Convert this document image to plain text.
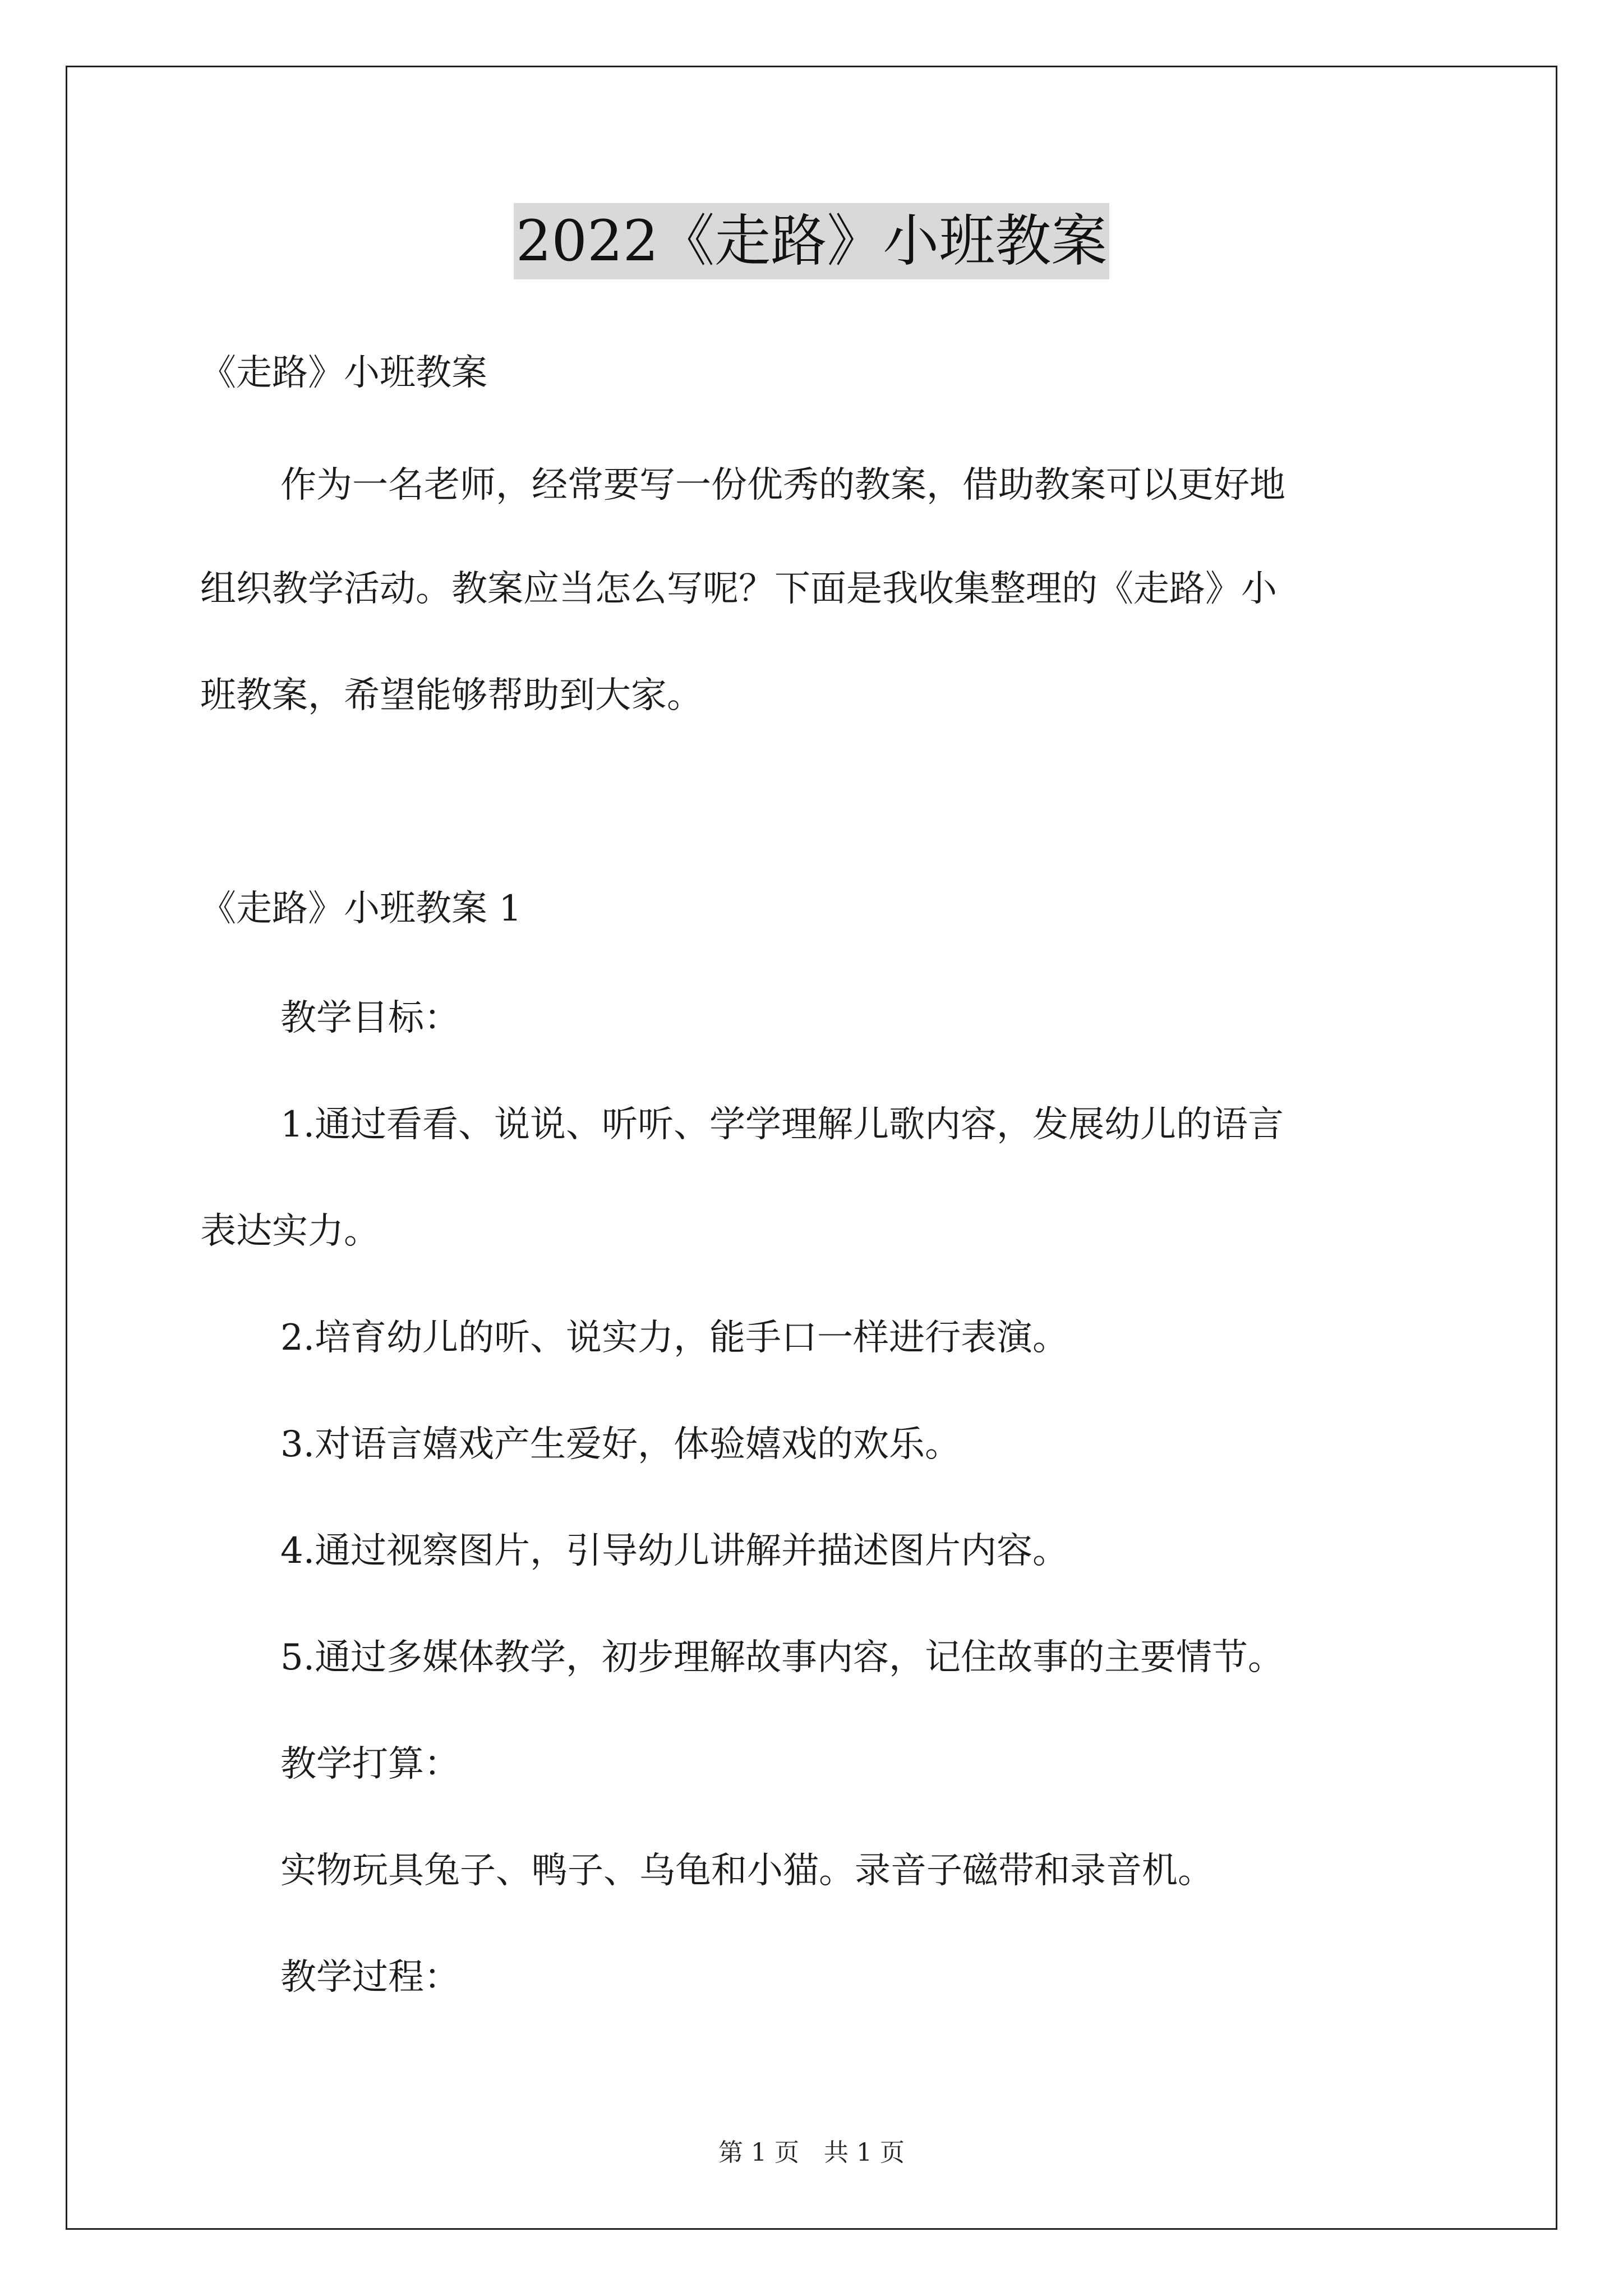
2022《走路》小班教案
《走路》小班教案
作为一名老师，经常要写一份优秀的教案，借助教案可以更好地
组织教学活动。教案应当怎么写呢？下面是我收集整理的《走路》小
班教案，希望能够帮助到大家。
《走路》小班教案 1
教学目标：
1.通过看看、说说、听听、学学理解儿歌内容，发展幼儿的语言
表达实力。
2.培育幼儿的听、说实力，能手口一样进行表演。
3.对语言嬉戏产生爱好，体验嬉戏的欢乐。
4.通过视察图片，引导幼儿讲解并描述图片内容。
5.通过多媒体教学，初步理解故事内容，记住故事的主要情节。
教学打算：
实物玩具兔子、鸭子、乌龟和小猫。录音子磁带和录音机。
教学过程：
第 1 页　共 1 页
